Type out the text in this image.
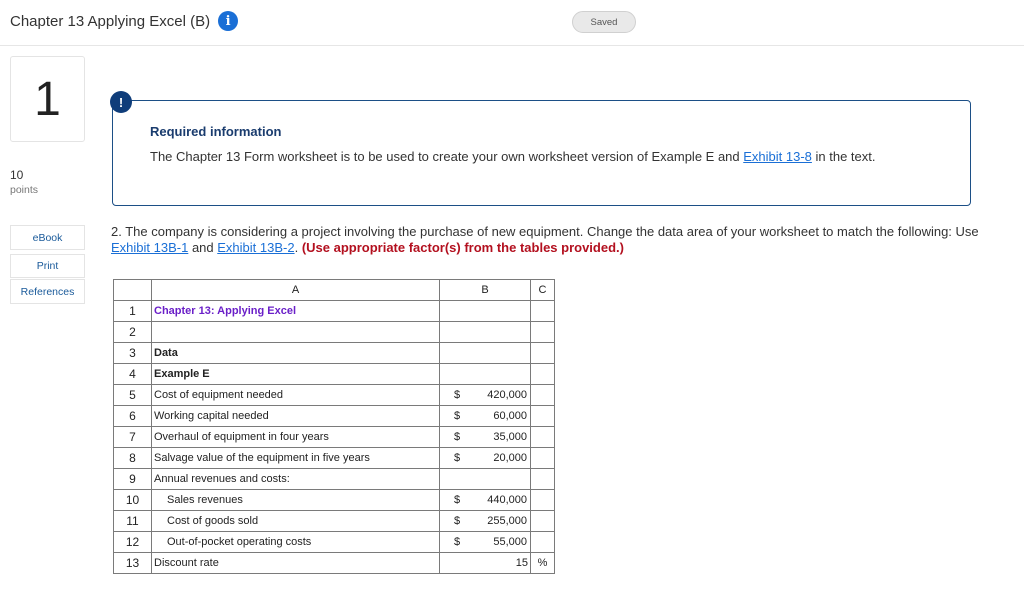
Chapter 13 Applying Excel (B)	i	Saved
1
10
points
eBook
Print
References
!
Required information
The Chapter 13 Form worksheet is to be used to create your own worksheet version of Example E and Exhibit 13-8 in the text.
2. The company is considering a project involving the purchase of new equipment. Change the data area of your worksheet to match the following: Use Exhibit 13B-1 and Exhibit 13B-2. (Use appropriate factor(s) from the tables provided.)
	A	B	C
1	Chapter 13: Applying Excel		
2			
3	Data		
4	Example E		
5	Cost of equipment needed	$ 420,000	

6	Working capital needed	$ 60,000	

7	Overhaul of equipment in four years	$ 35,000	

8	Salvage value of the equipment in five years	$ 20,000	

9	Annual revenues and costs:		
10	Sales revenues	$ 440,000	

11	Cost of goods sold	$ 255,000	

12	Out-of-pocket operating costs	$ 55,000	

13	Discount rate	15	%
